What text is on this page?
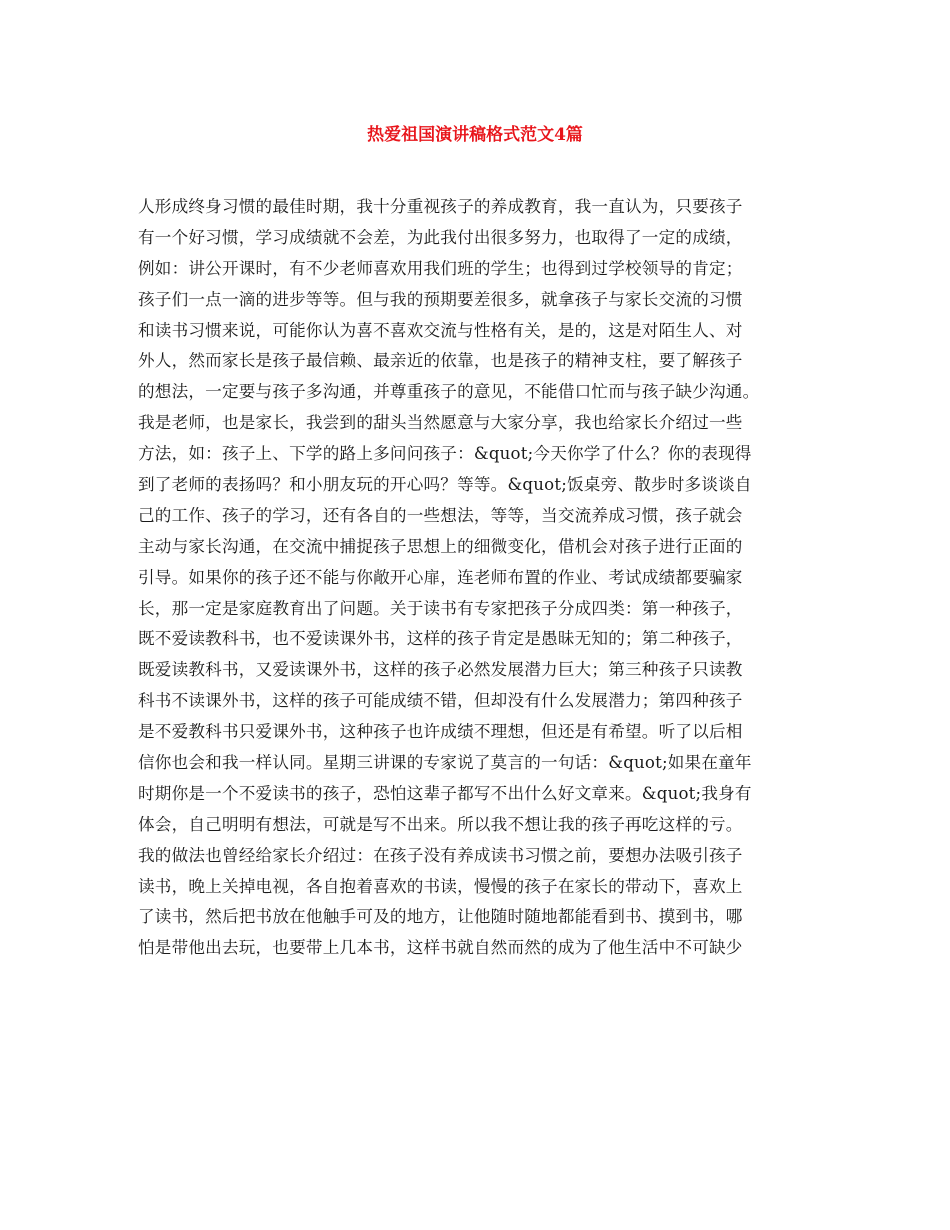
热爱祖国演讲稿格式范文4篇
人形成终身习惯的最佳时期，我十分重视孩子的养成教育，我一直认为，只要孩子
有一个好习惯，学习成绩就不会差，为此我付出很多努力，也取得了一定的成绩，
例如：讲公开课时，有不少老师喜欢用我们班的学生；也得到过学校领导的肯定；
孩子们一点一滴的进步等等。但与我的预期要差很多，就拿孩子与家长交流的习惯
和读书习惯来说，可能你认为喜不喜欢交流与性格有关，是的，这是对陌生人、对
外人，然而家长是孩子最信赖、最亲近的依靠，也是孩子的精神支柱，要了解孩子
的想法，一定要与孩子多沟通，并尊重孩子的意见，不能借口忙而与孩子缺少沟通。
我是老师，也是家长，我尝到的甜头当然愿意与大家分享，我也给家长介绍过一些
方法，如：孩子上、下学的路上多问问孩子：&quot;今天你学了什么？你的表现得
到了老师的表扬吗？和小朋友玩的开心吗？等等。&quot;饭桌旁、散步时多谈谈自
己的工作、孩子的学习，还有各自的一些想法，等等，当交流养成习惯，孩子就会
主动与家长沟通，在交流中捕捉孩子思想上的细微变化，借机会对孩子进行正面的
引导。如果你的孩子还不能与你敞开心扉，连老师布置的作业、考试成绩都要骗家
长，那一定是家庭教育出了问题。关于读书有专家把孩子分成四类：第一种孩子，
既不爱读教科书，也不爱读课外书，这样的孩子肯定是愚昧无知的；第二种孩子，
既爱读教科书，又爱读课外书，这样的孩子必然发展潜力巨大；第三种孩子只读教
科书不读课外书，这样的孩子可能成绩不错，但却没有什么发展潜力；第四种孩子
是不爱教科书只爱课外书，这种孩子也许成绩不理想，但还是有希望。听了以后相
信你也会和我一样认同。星期三讲课的专家说了莫言的一句话：&quot;如果在童年
时期你是一个不爱读书的孩子，恐怕这辈子都写不出什么好文章来。&quot;我身有
体会，自己明明有想法，可就是写不出来。所以我不想让我的孩子再吃这样的亏。
我的做法也曾经给家长介绍过：在孩子没有养成读书习惯之前，要想办法吸引孩子
读书，晚上关掉电视，各自抱着喜欢的书读，慢慢的孩子在家长的带动下，喜欢上
了读书，然后把书放在他触手可及的地方，让他随时随地都能看到书、摸到书，哪
怕是带他出去玩，也要带上几本书，这样书就自然而然的成为了他生活中不可缺少
